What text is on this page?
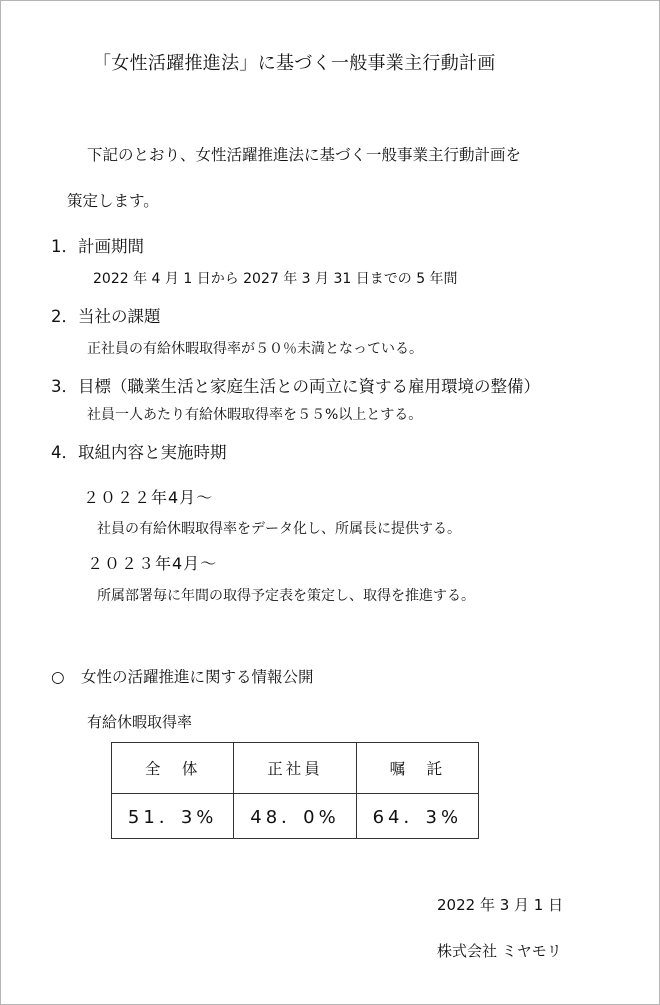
「女性活躍推進法」に基づく一般事業主行動計画
下記のとおり、女性活躍推進法に基づく一般事業主行動計画を
策定します。
1．計画期間
2022 年 4 月 1 日から 2027 年 3 月 31 日までの 5 年間
2．当社の課題
正社員の有給休暇取得率が５０％未満となっている。
3．目標（職業生活と家庭生活との両立に資する雇用環境の整備）
社員一人あたり有給休暇取得率を５５%以上とする。
4．取組内容と実施時期
２０２２年4月～
社員の有給休暇取得率をデータ化し、所属長に提供する。
２０２３年4月～
所属部署毎に年間の取得予定表を策定し、取得を推進する。
○ 女性の活躍推進に関する情報公開
有給休暇取得率
全　体	正社員	嘱　託
51．3%	48．0%	64．3%
2022 年 3 月 1 日
株式会社 ミヤモリ
